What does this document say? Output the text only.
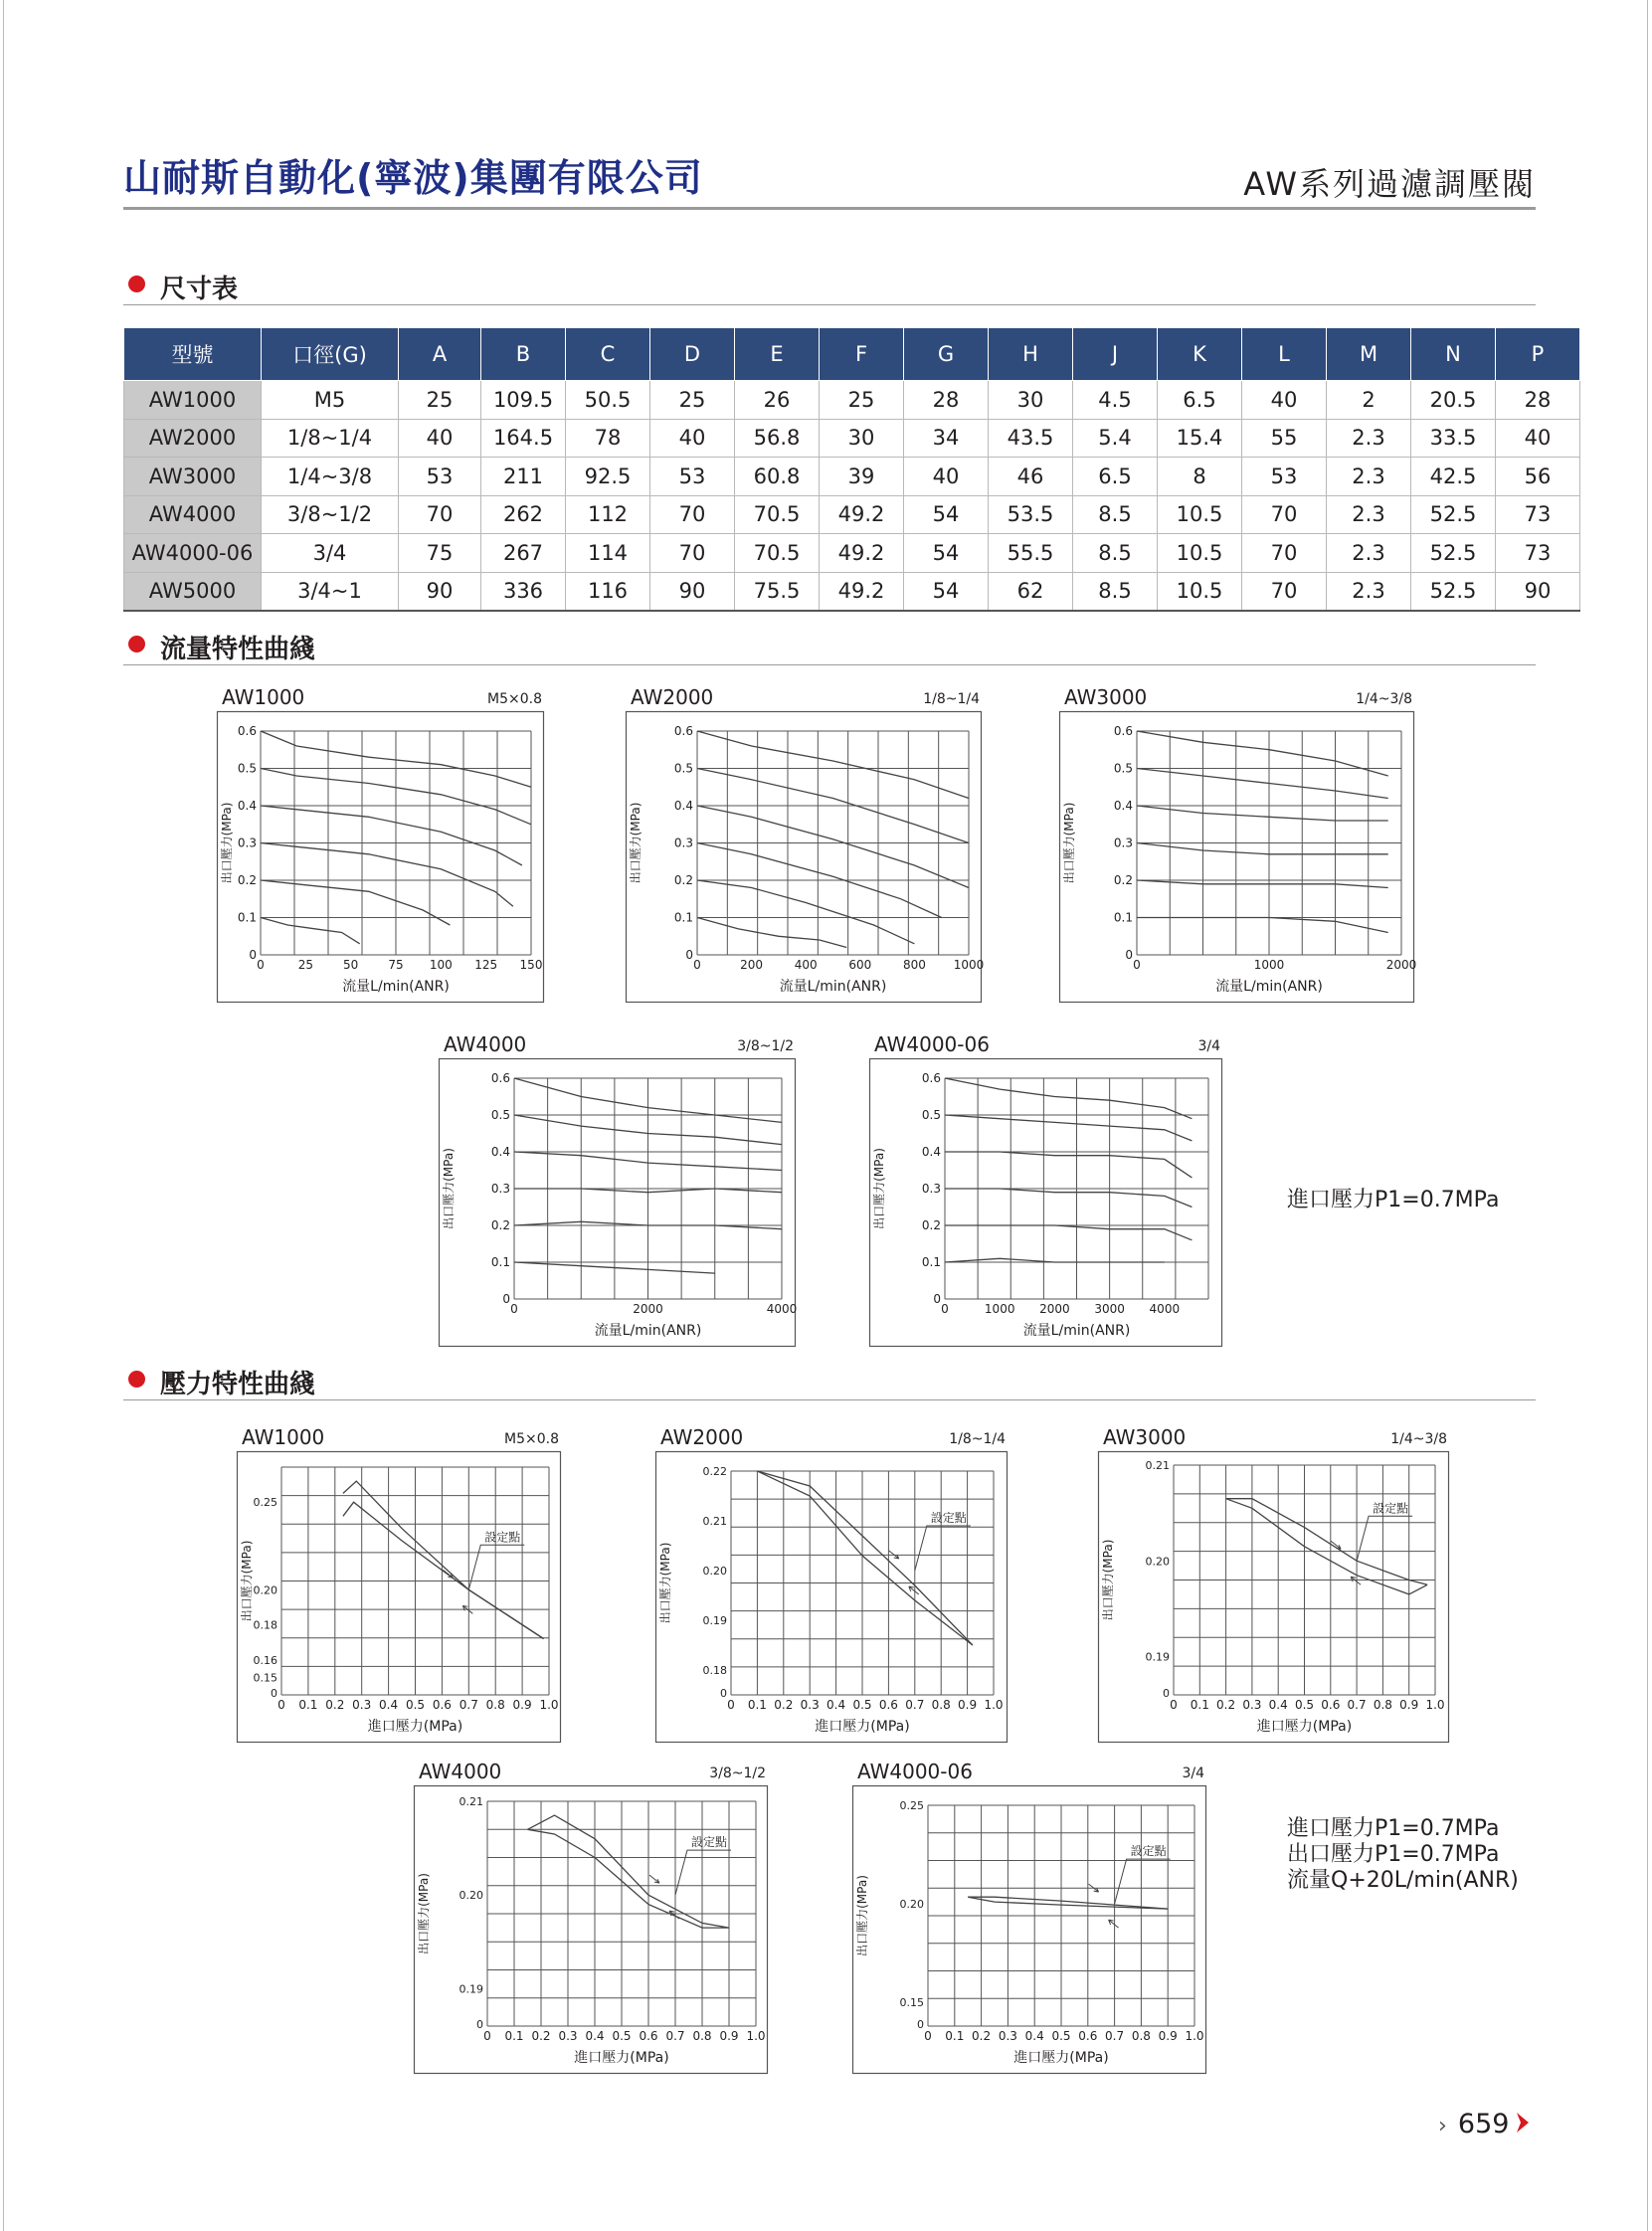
山耐斯自動化(寧波)集團有限公司	AW系列過濾調壓閥
尺寸表
型號	口徑(G)	A	B	C	D	E	F	G	H	J	K	L	M	N	P
AW1000	M5	25	109.5	50.5	25	26	25	28	30	4.5	6.5	40	2	20.5	28
AW2000	1/8~1/4	40	164.5	78	40	56.8	30	34	43.5	5.4	15.4	55	2.3	33.5	40
AW3000	1/4~3/8	53	211	92.5	53	60.8	39	40	46	6.5	8	53	2.3	42.5	56
AW4000	3/8~1/2	70	262	112	70	70.5	49.2	54	53.5	8.5	10.5	70	2.3	52.5	73
AW4000-06	3/4	75	267	114	70	70.5	49.2	54	55.5	8.5	10.5	70	2.3	52.5	73
AW5000	3/4~1	90	336	116	90	75.5	49.2	54	62	8.5	10.5	70	2.3	52.5	90
流量特性曲綫
壓力特性曲綫
AW1000	M5×0.8
0	25	50	75 100 125 150
0
0.1
0.2
0.3
0.4
0.5
0.6
流量L/min(ANR)
出口壓力(MPa)
AW2000	1/8~1/4
0	200	400	600	800 1000
0
0.1
0.2
0.3
0.4
0.5
0.6
流量L/min(ANR)
出口壓力(MPa)
AW3000	1/4~3/8
0	1000	2000
0
0.1
0.2
0.3
0.4
0.5
0.6
流量L/min(ANR)
出口壓力(MPa)
AW4000	3/8~1/2
0	2000	4000
0
0.1
0.2
0.3
0.4
0.5
0.6
流量L/min(ANR)
出口壓力(MPa)
AW4000-06	3/4
0	1000 2000 3000 4000
0
0.1
0.2
0.3
0.4
0.5
0.6
流量L/min(ANR)
出口壓力(MPa)
AW1000	M5×0.8
0 0.1 0.2 0.3 0.4 0.5 0.6 0.7 0.8 0.9 1.0
0.15
0.16
0.18
0.20
0.25
0
進口壓力(MPa)
出口壓力(MPa)
設定點
AW2000	1/8~1/4
0 0.1 0.2 0.3 0.4 0.5 0.6 0.7 0.8 0.9 1.0
0.18
0.19
0.20
0.21
0.22
0
進口壓力(MPa)
出口壓力(MPa)
設定點
AW3000	1/4~3/8
0 0.1 0.2 0.3 0.4 0.5 0.6 0.7 0.8 0.9 1.0
0.19
0.20
0.21
0
進口壓力(MPa)
出口壓力(MPa)
設定點
AW4000	3/8~1/2
0 0.1 0.2 0.3 0.4 0.5 0.6 0.7 0.8 0.9 1.0
0.19
0.20
0.21
0
進口壓力(MPa)
出口壓力(MPa)
設定點
AW4000-06	3/4
0 0.1 0.2 0.3 0.4 0.5 0.6 0.7 0.8 0.9 1.0
0.15
0.20
0.25
0
進口壓力(MPa)
出口壓力(MPa)
設定點
進口壓力P1=0.7MPa
進口壓力P1=0.7MPa
出口壓力P1=0.7MPa
流量Q+20L/min(ANR)
› 659
